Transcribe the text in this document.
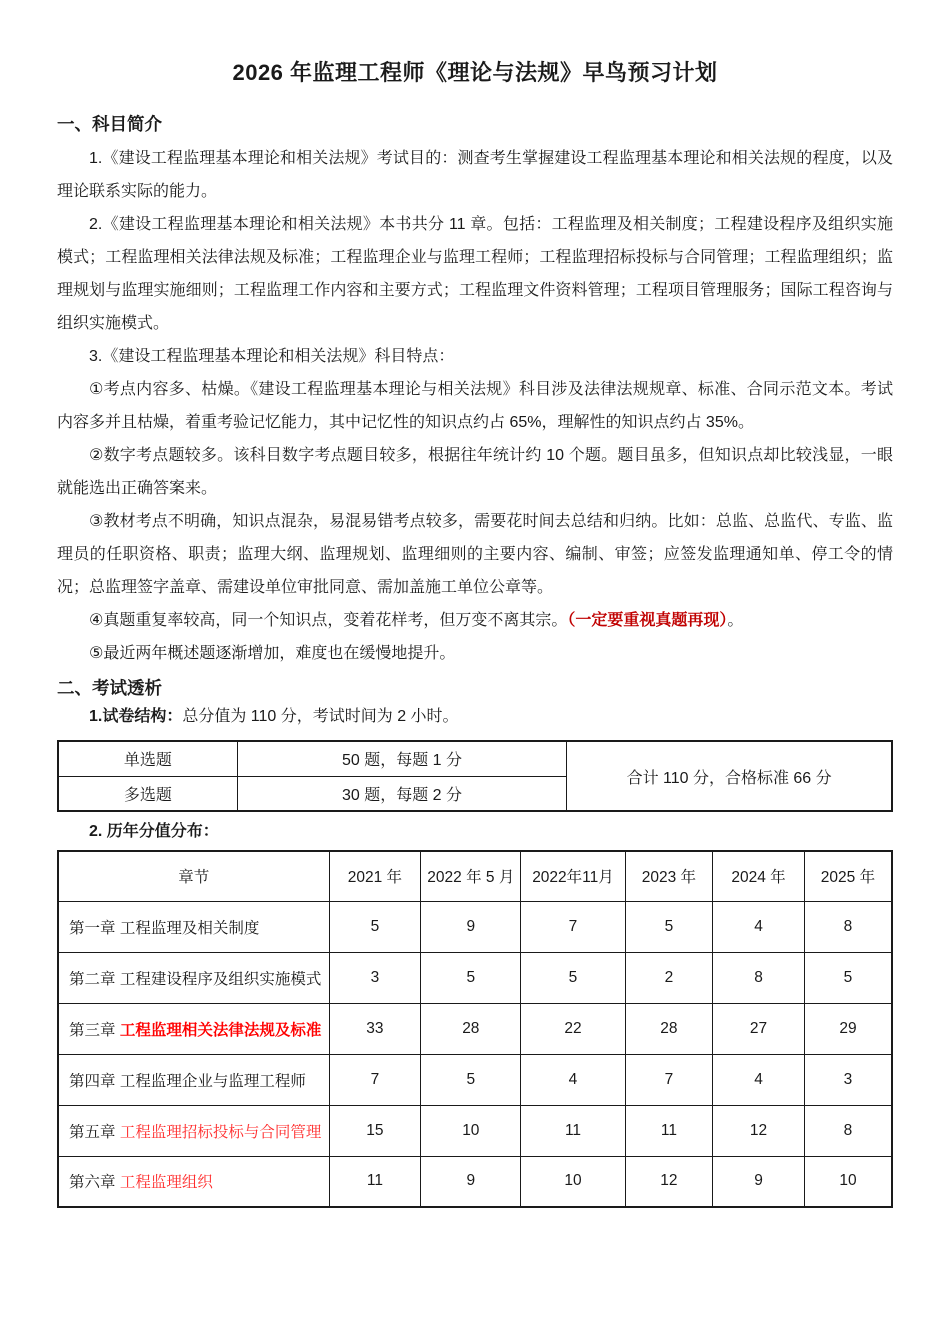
2026 年监理工程师《理论与法规》早鸟预习计划
一、科目简介

1.《建设工程监理基本理论和相关法规》考试目的：测查考生掌握建设工程监理基本理论和相关法规的程度，以及理论联系实际的能力。

2.《建设工程监理基本理论和相关法规》本书共分 11 章。包括：工程监理及相关制度；工程建设程序及组织实施模式；工程监理相关法律法规及标准；工程监理企业与监理工程师；工程监理招标投标与合同管理；工程监理组织；监理规划与监理实施细则；工程监理工作内容和主要方式；工程监理文件资料管理；工程项目管理服务；国际工程咨询与组织实施模式。

3.《建设工程监理基本理论和相关法规》科目特点：

①考点内容多、枯燥。《建设工程监理基本理论与相关法规》科目涉及法律法规规章、标准、合同示范文本。考试内容多并且枯燥，着重考验记忆能力，其中记忆性的知识点约占 65%，理解性的知识点约占 35%。

②数字考点题较多。该科目数字考点题目较多，根据往年统计约 10 个题。题目虽多，但知识点却比较浅显，一眼就能选出正确答案来。

③教材考点不明确，知识点混杂，易混易错考点较多，需要花时间去总结和归纳。比如：总监、总监代、专监、监理员的任职资格、职责；监理大纲、监理规划、监理细则的主要内容、编制、审签；应签发监理通知单、停工令的情况；总监理签字盖章、需建设单位审批同意、需加盖施工单位公章等。

④真题重复率较高，同一个知识点，变着花样考，但万变不离其宗。（一定要重视真题再现）。

⑤最近两年概述题逐渐增加，难度也在缓慢地提升。

二、考试透析
1.试卷结构：总分值为 110 分，考试时间为 2 小时。
单选题	50 题，每题 1 分	合计 110 分，合格标准 66 分
多选题	30 题，每题 2 分	
2. 历年分值分布：
章节	2021 年	2022 年 5 月	2022年11月	2023 年	2024 年	2025 年
第一章 工程监理及相关制度	5	9	7	5	4	8
第二章 工程建设程序及组织实施模式	3	5	5	2	8	5
第三章 工程监理相关法律法规及标准	33	28	22	28	27	29
第四章 工程监理企业与监理工程师	7	5	4	7	4	3
第五章 工程监理招标投标与合同管理	15	10	11	11	12	8
第六章 工程监理组织	11	9	10	12	9	10
